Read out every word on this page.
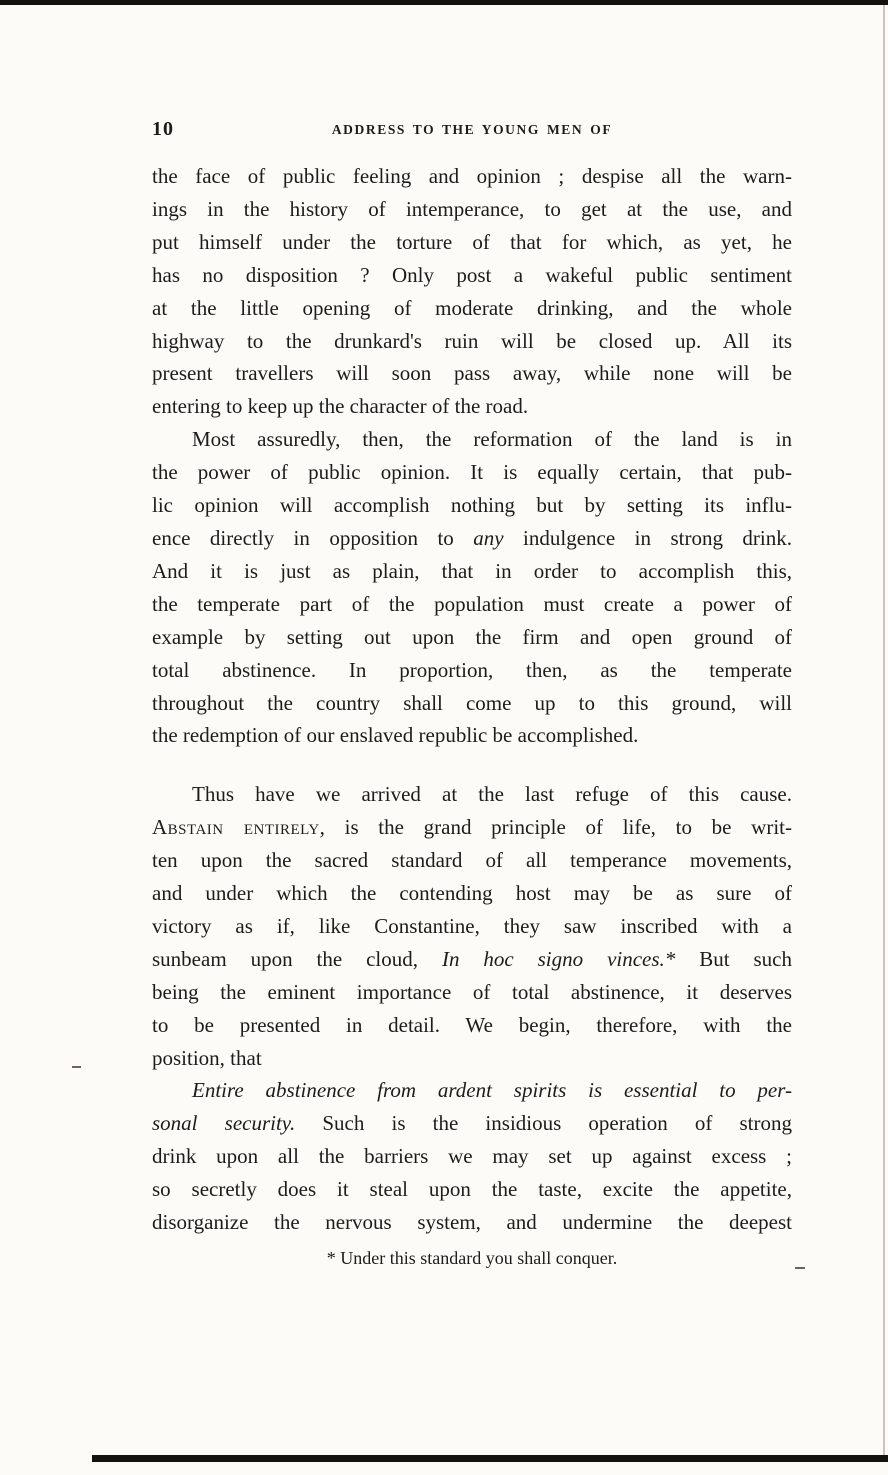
10	ADDRESS TO THE YOUNG MEN OF
the face of public feeling and opinion ; despise all the warn-
ings in the history of intemperance, to get at the use, and
put himself under the torture of that for which, as yet, he
has no disposition ? Only post a wakeful public sentiment
at the little opening of moderate drinking, and the whole
highway to the drunkard's ruin will be closed up. All its
present travellers will soon pass away, while none will be
entering to keep up the character of the road.
Most assuredly, then, the reformation of the land is in
the power of public opinion. It is equally certain, that pub-
lic opinion will accomplish nothing but by setting its influ-
ence directly in opposition to any indulgence in strong drink.
And it is just as plain, that in order to accomplish this,
the temperate part of the population must create a power of
example by setting out upon the firm and open ground of
total abstinence. In proportion, then, as the temperate
throughout the country shall come up to this ground, will
the redemption of our enslaved republic be accomplished.
Thus have we arrived at the last refuge of this cause.
Abstain entirely, is the grand principle of life, to be writ-
ten upon the sacred standard of all temperance movements,
and under which the contending host may be as sure of
victory as if, like Constantine, they saw inscribed with a
sunbeam upon the cloud, In hoc signo vinces.* But such
being the eminent importance of total abstinence, it deserves
to be presented in detail. We begin, therefore, with the
position, that
Entire abstinence from ardent spirits is essential to per-
sonal security. Such is the insidious operation of strong
drink upon all the barriers we may set up against excess ;
so secretly does it steal upon the taste, excite the appetite,
disorganize the nervous system, and undermine the deepest
* Under this standard you shall conquer.
